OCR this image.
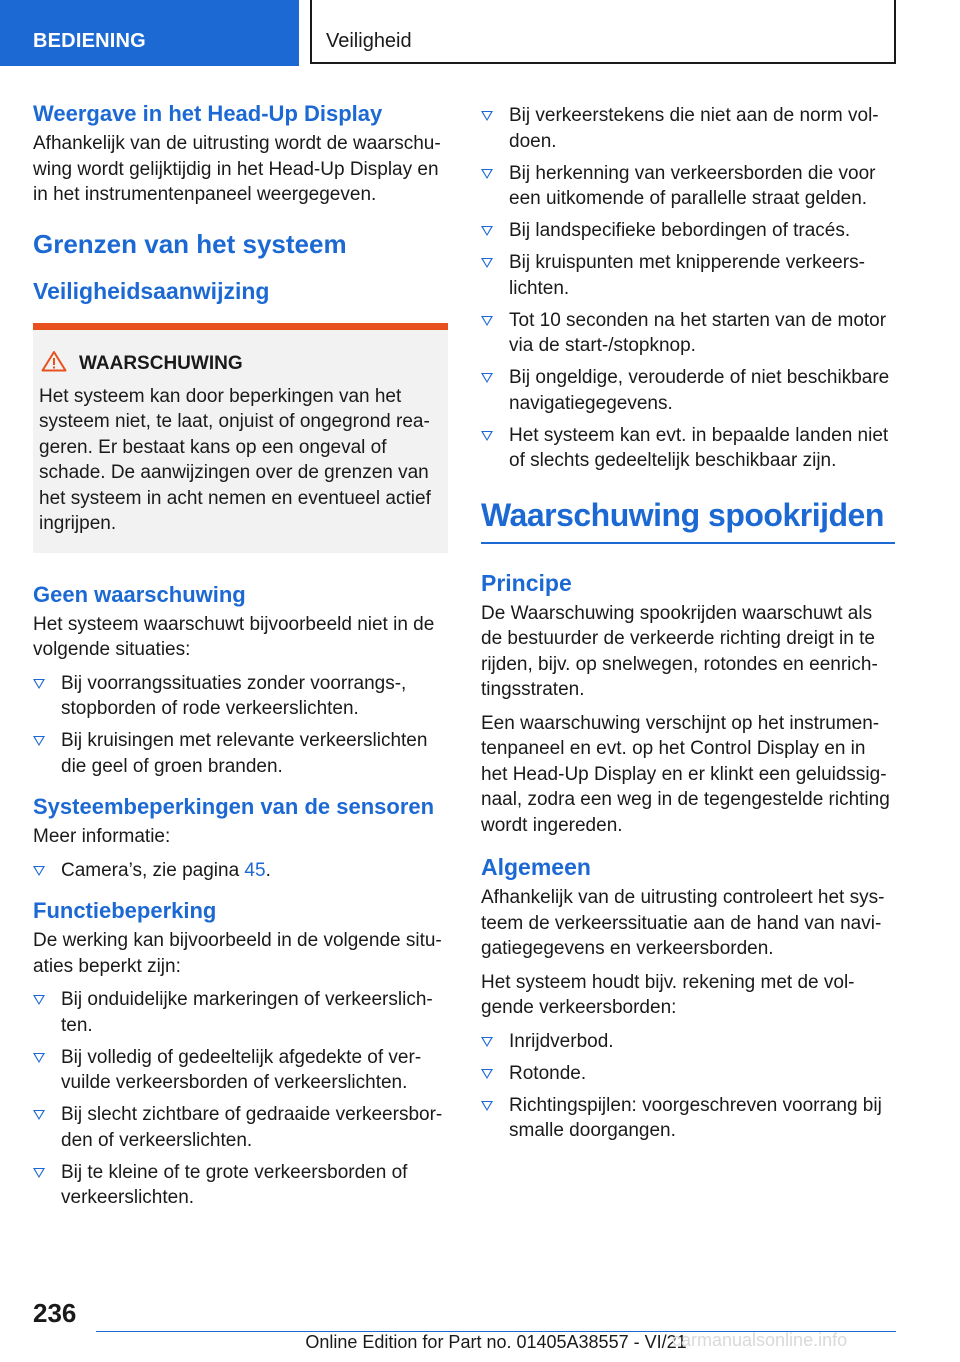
BEDIENING	Veiligheid
Weergave in het Head-Up Display

Afhankelijk van de uitrusting wordt de waarschu- wing wordt gelijktijdig in het Head-Up Display en in het instrumentenpaneel weergegeven.

Grenzen van het systeem
Veiligheidsaanwijzing
WAARSCHUWING

Het systeem kan door beperkingen van het systeem niet, te laat, onjuist of ongegrond rea- geren. Er bestaat kans op een ongeval of schade. De aanwijzingen over de grenzen van het systeem in acht nemen en eventueel actief ingrijpen.

Geen waarschuwing

Het systeem waarschuwt bijvoorbeeld niet in de volgende situaties:

Bij voorrangssituaties zonder voorrangs-, stopborden of rode verkeerslichten.
Bij kruisingen met relevante verkeerslichten die geel of groen branden.
Systeembeperkingen van de sensoren

Meer informatie:

Camera’s, zie pagina 45.
Functiebeperking

De werking kan bijvoorbeeld in de volgende situ- aties beperkt zijn:

Bij onduidelijke markeringen of verkeerslich- ten.
Bij volledig of gedeeltelijk afgedekte of ver- vuilde verkeersborden of verkeerslichten.
Bij slecht zichtbare of gedraaide verkeersbor- den of verkeerslichten.
Bij te kleine of te grote verkeersborden of verkeerslichten.
Bij verkeerstekens die niet aan de norm vol- doen.
Bij herkenning van verkeersborden die voor een uitkomende of parallelle straat gelden.
Bij landspecifieke bebordingen of tracés.
Bij kruispunten met knipperende verkeers- lichten.
Tot 10 seconden na het starten van de motor via de start-/stopknop.
Bij ongeldige, verouderde of niet beschikbare navigatiegegevens.
Het systeem kan evt. in bepaalde landen niet of slechts gedeeltelijk beschikbaar zijn.
Waarschuwing spookrijden
Principe

De Waarschuwing spookrijden waarschuwt als de bestuurder de verkeerde richting dreigt in te rijden, bijv. op snelwegen, rotondes en eenrich- tingsstraten.

Een waarschuwing verschijnt op het instrumen- tenpaneel en evt. op het Control Display en in het Head-Up Display en er klinkt een geluidssig- naal, zodra een weg in de tegengestelde richting wordt ingereden.

Algemeen

Afhankelijk van de uitrusting controleert het sys- teem de verkeerssituatie aan de hand van navi- gatiegegevens en verkeersborden.

Het systeem houdt bijv. rekening met de vol- gende verkeersborden:

Inrijdverbod.
Rotonde.
Richtingspijlen: voorgeschreven voorrang bij smalle doorgangen.
236
Online Edition for Part no. 01405A38557 - VI/21
carmanualsonline.info
